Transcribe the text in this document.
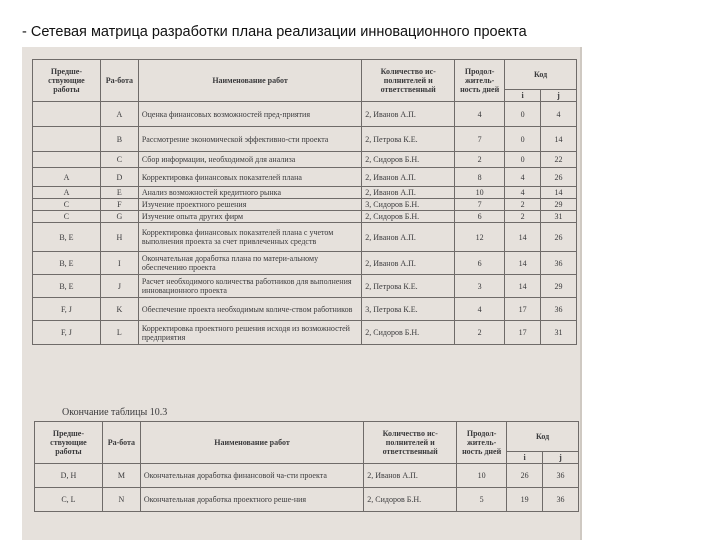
- Сетевая матрица разработки плана реализации инновационного проекта
Предше-ствующие работы	Ра-бота	Наименование работ	Количество ис-полнителей и ответственный	Продол-житель-ность дней	Код	
					i	j
	A	Оценка финансовых возможностей пред-приятия	2, Иванов А.П.	4	0	4
	B	Рассмотрение экономической эффективно-сти проекта	2, Петрова К.Е.	7	0	14
	C	Сбор информации, необходимой для анализа	2, Сидоров Б.Н.	2	0	22
A	D	Корректировка финансовых показателей плана	2, Иванов А.П.	8	4	26
A	E	Анализ возможностей кредитного рынка	2, Иванов А.П.	10	4	14
C	F	Изучение проектного решения	3, Сидоров Б.Н.	7	2	29
C	G	Изучение опыта других фирм	2, Сидоров Б.Н.	6	2	31
B, E	H	Корректировка финансовых показателей плана с учетом выполнения проекта за счет привлеченных средств	2, Иванов А.П.	12	14	26
B, E	I	Окончательная доработка плана по матери-альному обеспечению проекта	2, Иванов А.П.	6	14	36
B, E	J	Расчет необходимого количества работников для выполнения инновационного проекта	2, Петрова К.Е.	3	14	29
F, J	K	Обеспечение проекта необходимым количе-ством работников	3, Петрова К.Е.	4	17	36
F, J	L	Корректировка проектного решения исходя из возможностей предприятия	2, Сидоров Б.Н.	2	17	31
Окончание таблицы 10.3
Предше-ствующие работы	Ра-бота	Наименование работ	Количество ис-полнителей и ответственный	Продол-житель-ность дней	Код	
					i	j
D, H	M	Окончательная доработка финансовой ча-сти проекта	2, Иванов А.П.	10	26	36
C, L	N	Окончательная доработка проектного реше-ния	2, Сидоров Б.Н.	5	19	36
